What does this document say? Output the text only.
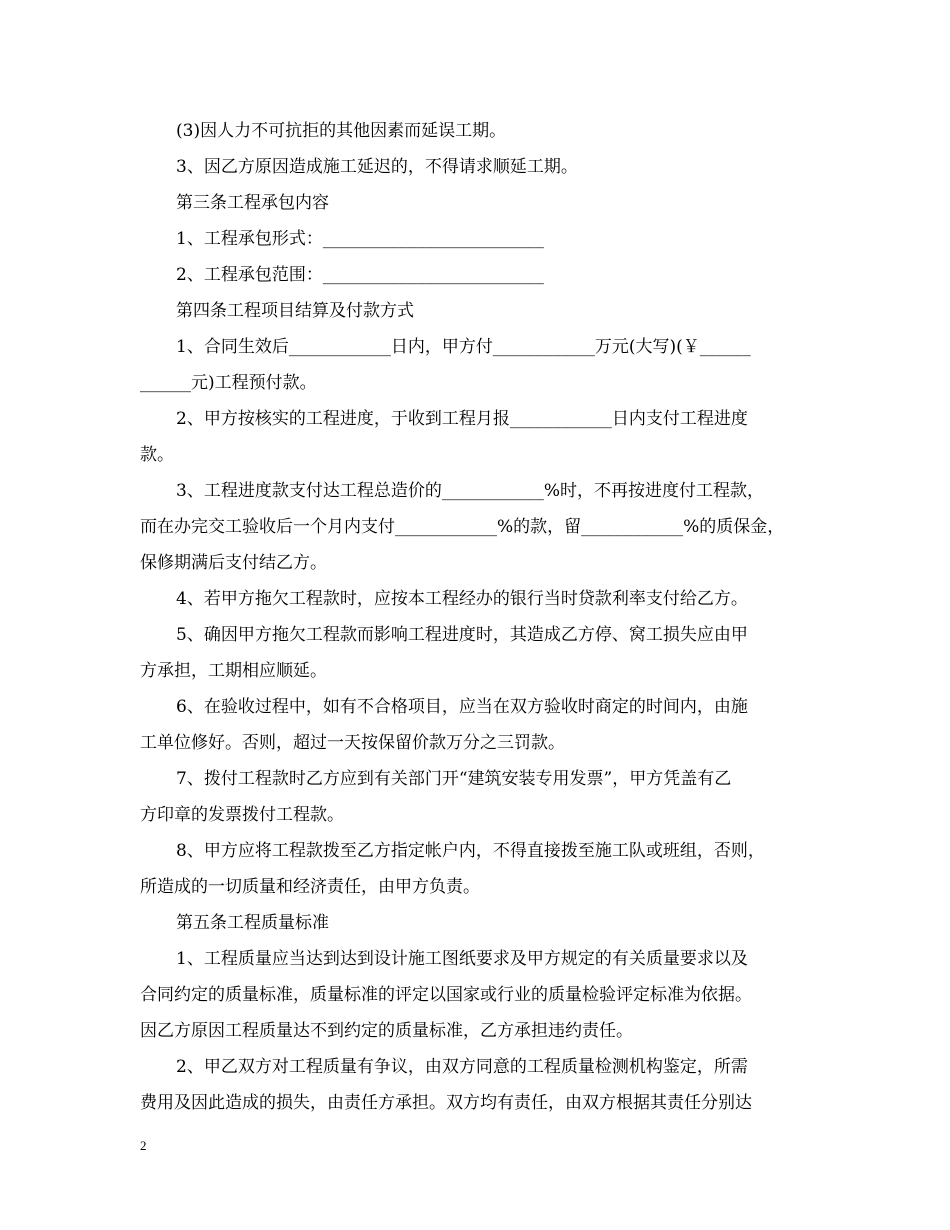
(3)因人力不可抗拒的其他因素而延误工期。

3、因乙方原因造成施工延迟的，不得请求顺延工期。

第三条工程承包内容

1、工程承包形式：__________________________

2、工程承包范围：__________________________

第四条工程项目结算及付款方式

1、合同生效后____________日内，甲方付____________万元(大写)(￥______

______元)工程预付款。

2、甲方按核实的工程进度，于收到工程月报____________日内支付工程进度

款。

3、工程进度款支付达工程总造价的____________%时，不再按进度付工程款，

而在办完交工验收后一个月内支付____________%的款，留____________%的质保金，

保修期满后支付结乙方。

4、若甲方拖欠工程款时，应按本工程经办的银行当时贷款利率支付给乙方。

5、确因甲方拖欠工程款而影响工程进度时，其造成乙方停、窝工损失应由甲

方承担，工期相应顺延。

6、在验收过程中，如有不合格项目，应当在双方验收时商定的时间内，由施

工单位修好。否则，超过一天按保留价款万分之三罚款。

7、拨付工程款时乙方应到有关部门开“建筑安装专用发票”，甲方凭盖有乙

方印章的发票拨付工程款。

8、甲方应将工程款拨至乙方指定帐户内，不得直接拨至施工队或班组，否则，

所造成的一切质量和经济责任，由甲方负责。

第五条工程质量标准

1、工程质量应当达到达到设计施工图纸要求及甲方规定的有关质量要求以及

合同约定的质量标准，质量标准的评定以国家或行业的质量检验评定标准为依据。

因乙方原因工程质量达不到约定的质量标准，乙方承担违约责任。

2、甲乙双方对工程质量有争议，由双方同意的工程质量检测机构鉴定，所需

费用及因此造成的损失，由责任方承担。双方均有责任，由双方根据其责任分别达

2
